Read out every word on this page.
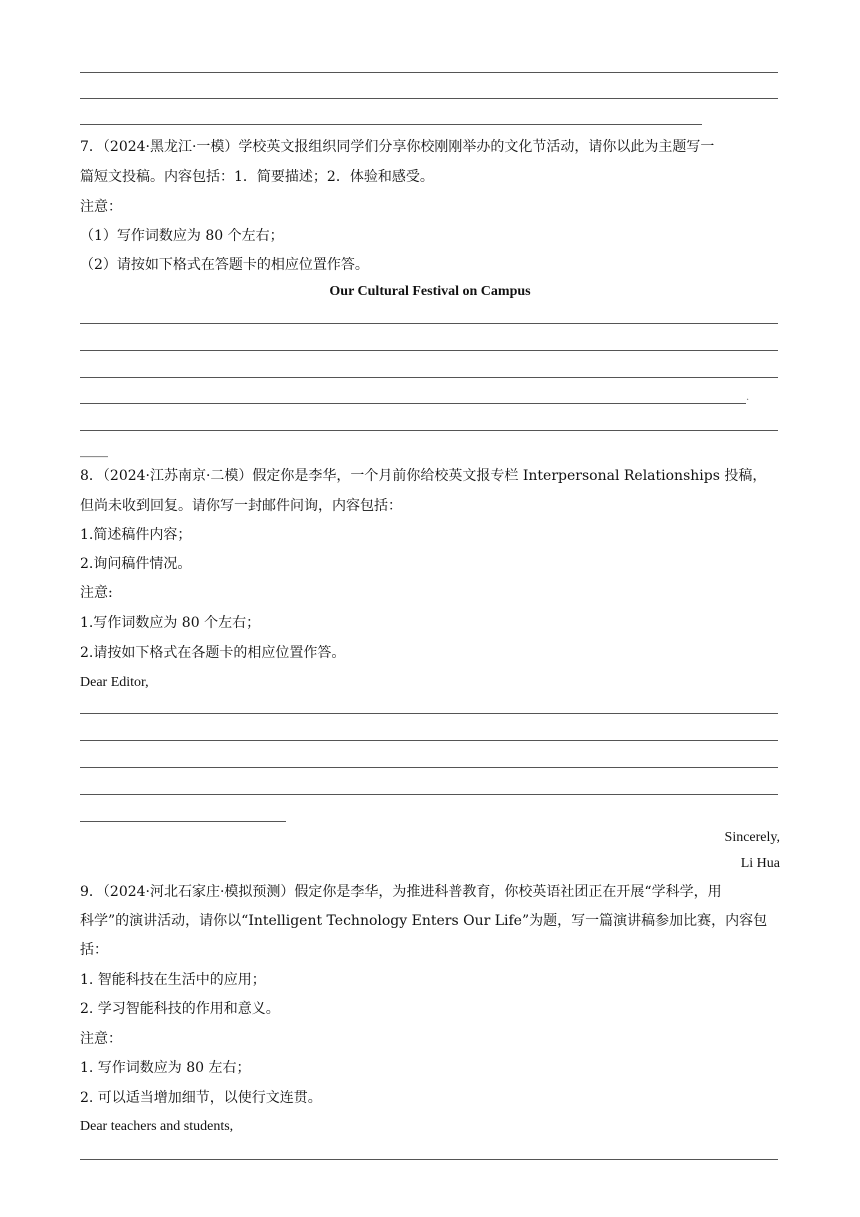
7．（2024·黑龙江·一模）学校英文报组织同学们分享你校刚刚举办的文化节活动，请你以此为主题写一
篇短文投稿。内容包括：1．简要描述；2．体验和感受。
注意：
（1）写作词数应为 80 个左右；
（2）请按如下格式在答题卡的相应位置作答。
Our Cultural Festival on Campus
.
____
8．（2024·江苏南京·二模）假定你是李华，一个月前你给校英文报专栏 Interpersonal Relationships 投稿，
但尚未收到回复。请你写一封邮件问询，内容包括：
1.简述稿件内容；
2.询问稿件情况。
注意:
1.写作词数应为 80 个左右；
2.请按如下格式在各题卡的相应位置作答。
Dear Editor,
Sincerely,
Li Hua
9．（2024·河北石家庄·模拟预测）假定你是李华，为推进科普教育，你校英语社团正在开展“学科学，用
科学”的演讲活动，请你以“Intelligent Technology Enters Our Life”为题，写一篇演讲稿参加比赛，内容包
括：
1. 智能科技在生活中的应用；
2. 学习智能科技的作用和意义。
注意：
1. 写作词数应为 80 左右；
2. 可以适当增加细节，以使行文连贯。
Dear teachers and students,
